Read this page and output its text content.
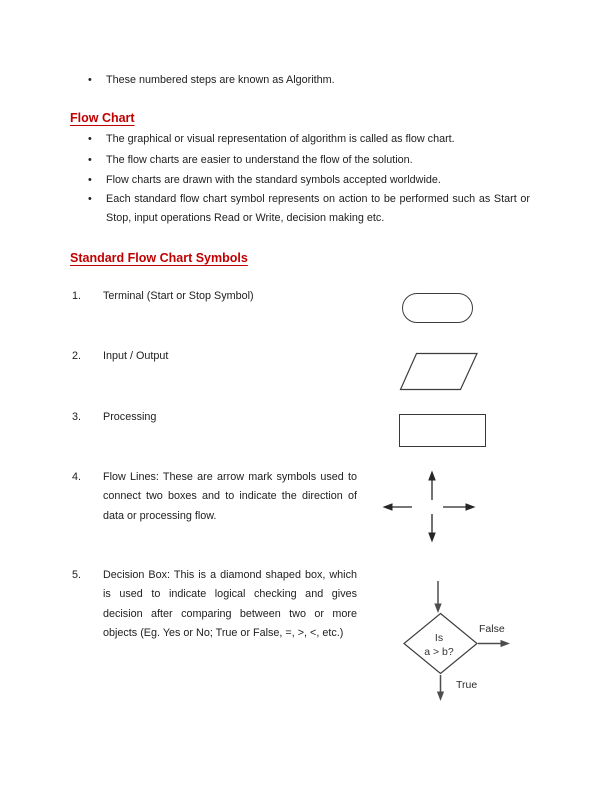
•	These numbered steps are known as Algorithm.
Flow Chart
•	The graphical or visual representation of algorithm is called as flow chart.
•	The flow charts are easier to understand the flow of the solution.
•	Flow charts are drawn with the standard symbols accepted worldwide.
•	Each standard flow chart symbol represents on action to be performed such as Start or
Stop, input operations Read or Write, decision making etc.
Standard Flow Chart Symbols
1. Terminal (Start or Stop Symbol)
2. Input / Output
3. Processing
4. Flow Lines: These are arrow mark symbols used to
connect two boxes and to indicate the direction of
data or processing flow.
5. Decision Box: This is a diamond shaped box, which
is used to indicate logical checking and gives
decision after comparing between two or more
objects (Eg. Yes or No; True or False, =, >, <, etc.)	Is
a > b?
False
True
